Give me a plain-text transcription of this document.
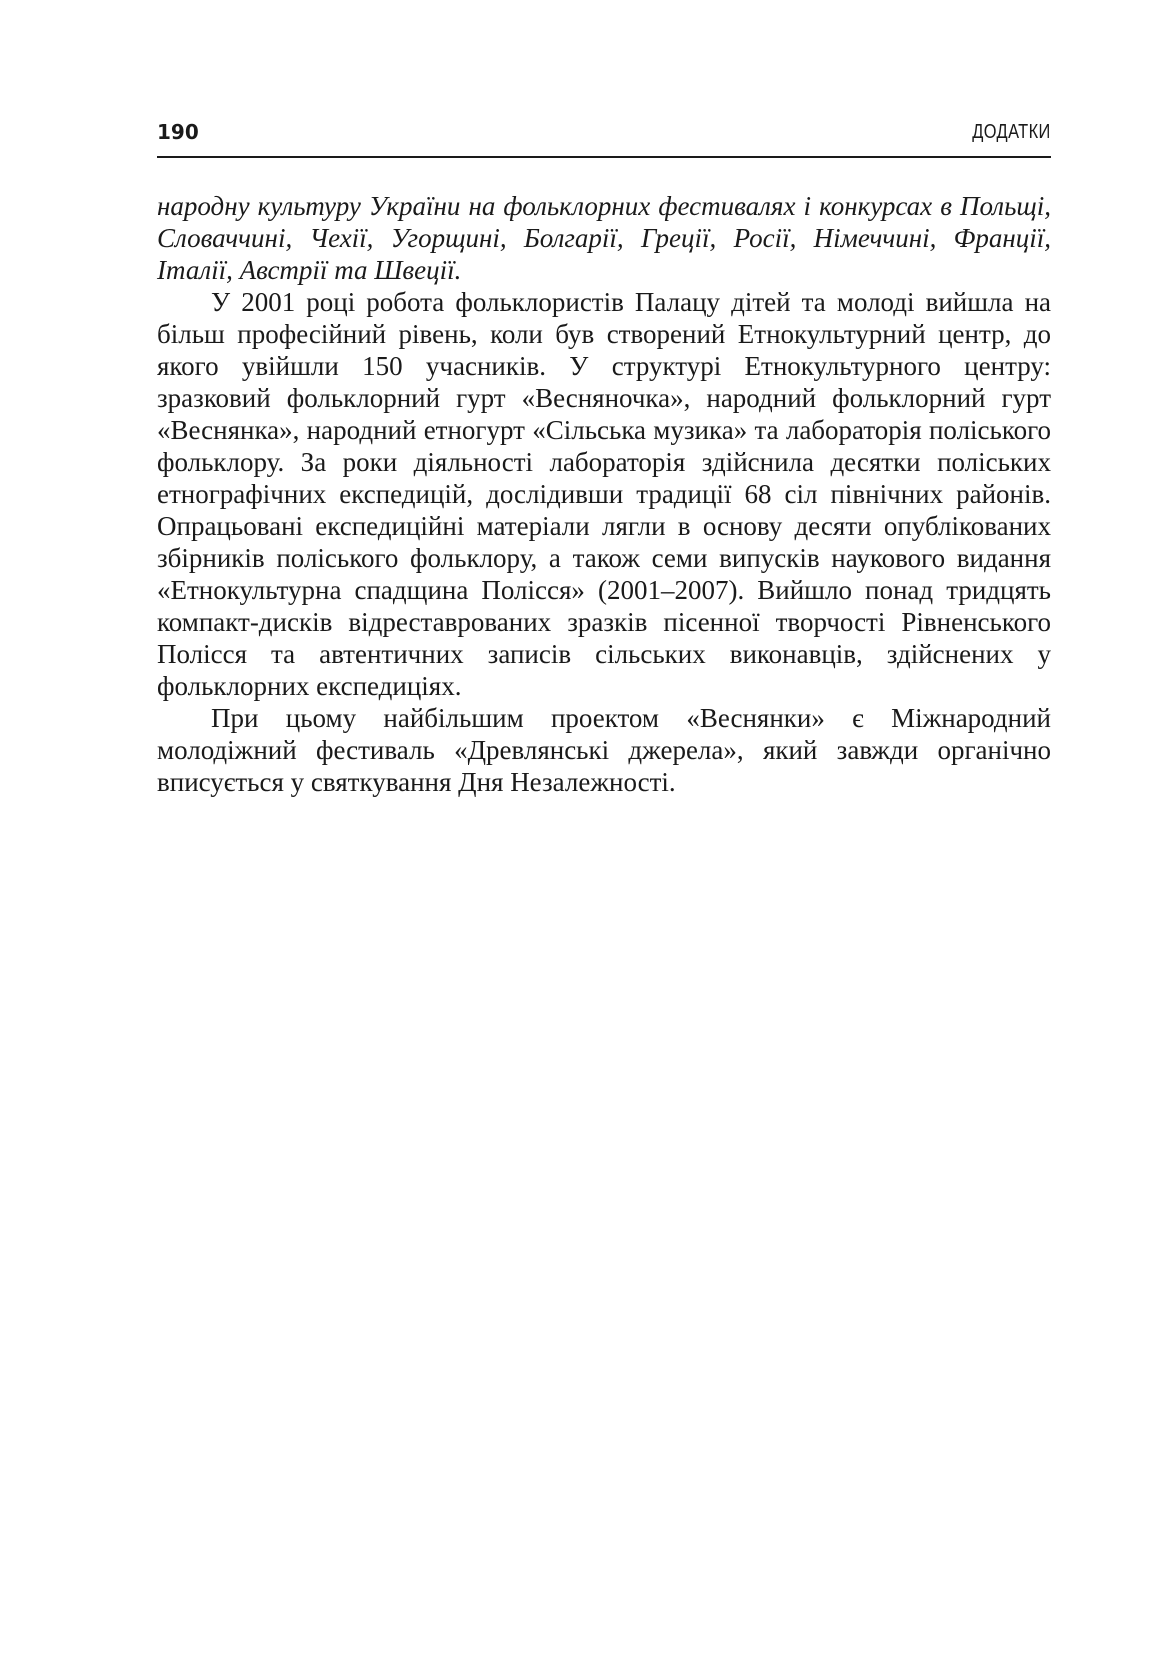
190	ДОДАТКИ

народну культуру України на фольклорних фестивалях і конкурсах в Польщі, Словаччині, Чехії, Угорщині, Болгарії, Греції, Росії, Німеччині, Франції, Італії, Австрії та Швеції.

У 2001 році робота фольклористів Палацу дітей та молоді вийшла на більш професійний рівень, коли був створений Етнокультурний центр, до якого увійшли 150 учасників. У структурі Етнокультурного центру: зразковий фольклорний гурт «Весняночка», народний фольклорний гурт «Веснянка», народний етногурт «Сільська музика» та лабораторія поліського фольклору. За роки діяльності лабораторія здійснила десятки поліських етнографічних експедицій, дослідивши традиції 68 сіл північних районів. Опрацьовані експедиційні матеріали лягли в основу десяти опублікованих збірників поліського фольклору, а також семи випусків наукового видання «Етнокультурна спадщина Полісся» (2001–2007). Вийшло понад тридцять компакт-дисків відреставрованих зразків пісенної творчості Рівненського Полісся та автентичних записів сільських виконавців, здійснених у фольклорних експедиціях.

При цьому найбільшим проектом «Веснянки» є Міжнародний молодіжний фестиваль «Древлянські джерела», який завжди органічно вписується у святкування Дня Незалежності.
